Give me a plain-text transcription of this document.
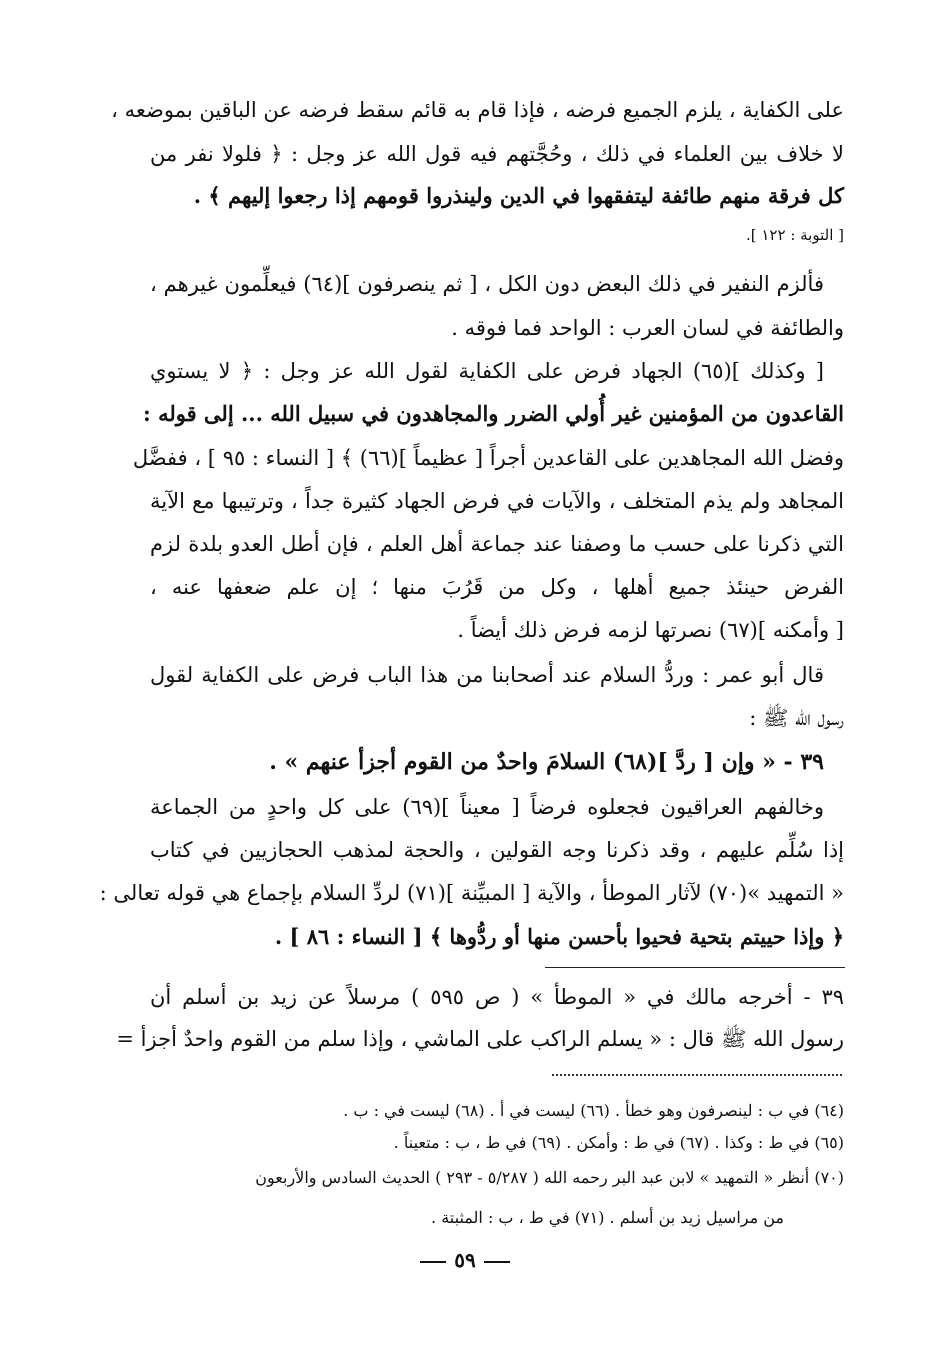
على الكفاية ، يلزم الجميع فرضه ، فإذا قام به قائم سقط فرضه عن الباقين بموضعه ،
لا خلاف بين العلماء في ذلك ، وحُجَّتهم فيه قول الله عز وجل : ﴿ فلولا نفر من
كل فرقة منهم طائفة ليتفقهوا في الدين ولينذروا قومهم إذا رجعوا إليهم ﴾ .
[ التوبة : ١٢٢ ].
فألزم النفير في ذلك البعض دون الكل ، [ ثم ينصرفون ](٦٤) فيعلِّمون غيرهم ،
والطائفة في لسان العرب : الواحد فما فوقه .
[ وكذلك ](٦٥) الجهاد فرض على الكفاية لقول الله عز وجل : ﴿ لا يستوي
القاعدون من المؤمنين غير أُولي الضرر والمجاهدون في سبيل الله ... إلى قوله :
وفضل الله المجاهدين على القاعدين أجراً [ عظيماً ](٦٦) ﴾ [ النساء : ٩٥ ] ، ففضَّل
المجاهد ولم يذم المتخلف ، والآيات في فرض الجهاد كثيرة جداً ، وترتيبها مع الآية
التي ذكرنا على حسب ما وصفنا عند جماعة أهل العلم ، فإن أطل العدو بلدة لزم
الفرض حينئذ جميع أهلها ، وكل من قَرُبَ منها ؛ إن علم ضعفها عنه ،
[ وأمكنه ](٦٧) نصرتها لزمه فرض ذلك أيضاً .
قال أبو عمر : وردُّ السلام عند أصحابنا من هذا الباب فرض على الكفاية لقول
رسول الله ﷺ :
٣٩ - « وإن [ ردَّ ](٦٨) السلامَ واحدٌ من القوم أجزأ عنهم » .
وخالفهم العراقيون فجعلوه فرضاً [ معيناً ](٦٩) على كل واحدٍ من الجماعة
إذا سُلِّم عليهم ، وقد ذكرنا وجه القولين ، والحجة لمذهب الحجازيين في كتاب
« التمهيد »(٧٠) لآثار الموطأ ، والآية [ المبيِّنة ](٧١) لردِّ السلام بإجماع هي قوله تعالى :
﴿ وإذا حييتم بتحية فحيوا بأحسن منها أو ردُّوها ﴾ [ النساء : ٨٦ ] .
٣٩ - أخرجه مالك في « الموطأ » ( ص ٥٩٥ ) مرسلاً عن زيد بن أسلم أن
رسول الله ﷺ قال : « يسلم الراكب على الماشي ، وإذا سلم من القوم واحدٌ أجزأ =
(٦٤) في ب : لينصرفون وهو خطأ . (٦٦) ليست في أ . (٦٨) ليست في : ب .
(٦٥) في ط : وكذا . (٦٧) في ط : وأمكن . (٦٩) في ط ، ب : متعيناً .
(٧٠) أنظر « التمهيد » لابن عبد البر رحمه الله ( ٥/٢٨٧ - ٢٩٣ ) الحديث السادس والأربعون
من مراسيل زيد بن أسلم . (٧١) في ط ، ب : المثبتة .
٥٩
